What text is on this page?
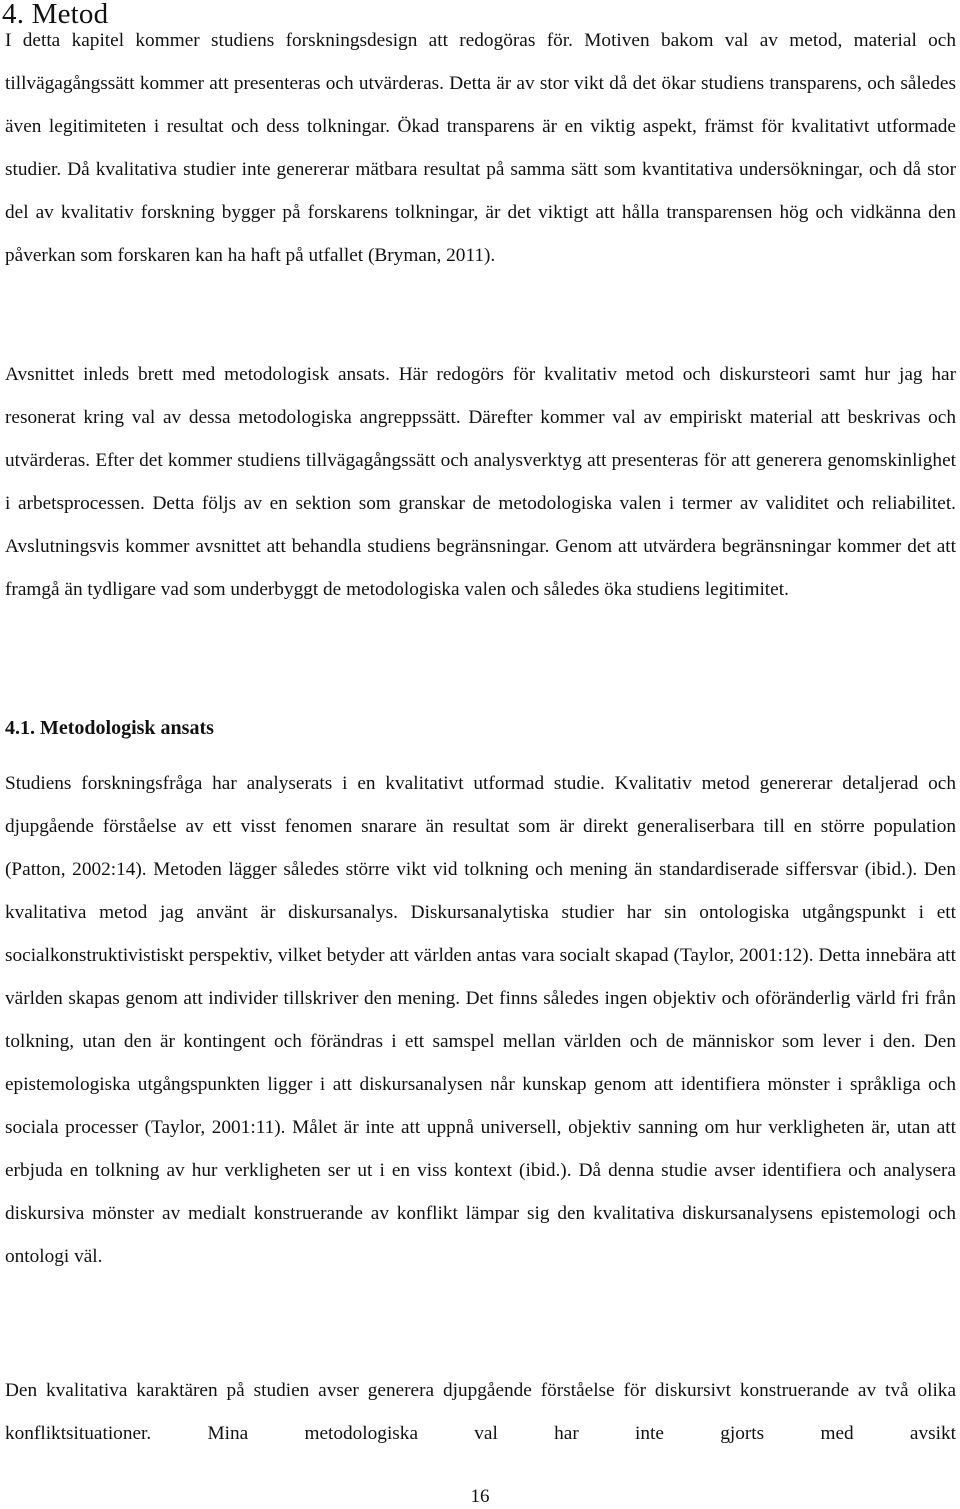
4. Metod

I detta kapitel kommer studiens forskningsdesign att redogöras för. Motiven bakom val av metod, material och tillvägagångssätt kommer att presenteras och utvärderas. Detta är av stor vikt då det ökar studiens transparens, och således även legitimiteten i resultat och dess tolkningar. Ökad transparens är en viktig aspekt, främst för kvalitativt utformade studier. Då kvalitativa studier inte genererar mätbara resultat på samma sätt som kvantitativa undersökningar, och då stor del av kvalitativ forskning bygger på forskarens tolkningar, är det viktigt att hålla transparensen hög och vidkänna den påverkan som forskaren kan ha haft på utfallet (Bryman, 2011).

Avsnittet inleds brett med metodologisk ansats. Här redogörs för kvalitativ metod och diskursteori samt hur jag har resonerat kring val av dessa metodologiska angreppssätt. Därefter kommer val av empiriskt material att beskrivas och utvärderas. Efter det kommer studiens tillvägagångssätt och analysverktyg att presenteras för att generera genomskinlighet i arbetsprocessen. Detta följs av en sektion som granskar de metodologiska valen i termer av validitet och reliabilitet. Avslutningsvis kommer avsnittet att behandla studiens begränsningar. Genom att utvärdera begränsningar kommer det att framgå än tydligare vad som underbyggt de metodologiska valen och således öka studiens legitimitet.

4.1. Metodologisk ansats

Studiens forskningsfråga har analyserats i en kvalitativt utformad studie. Kvalitativ metod genererar detaljerad och djupgående förståelse av ett visst fenomen snarare än resultat som är direkt generaliserbara till en större population (Patton, 2002:14). Metoden lägger således större vikt vid tolkning och mening än standardiserade siffersvar (ibid.). Den kvalitativa metod jag använt är diskursanalys. Diskursanalytiska studier har sin ontologiska utgångspunkt i ett socialkonstruktivistiskt perspektiv, vilket betyder att världen antas vara socialt skapad (Taylor, 2001:12). Detta innebära att världen skapas genom att individer tillskriver den mening. Det finns således ingen objektiv och oföränderlig värld fri från tolkning, utan den är kontingent och förändras i ett samspel mellan världen och de människor som lever i den. Den epistemologiska utgångspunkten ligger i att diskursanalysen når kunskap genom att identifiera mönster i språkliga och sociala processer (Taylor, 2001:11). Målet är inte att uppnå universell, objektiv sanning om hur verkligheten är, utan att erbjuda en tolkning av hur verkligheten ser ut i en viss kontext (ibid.). Då denna studie avser identifiera och analysera diskursiva mönster av medialt konstruerande av konflikt lämpar sig den kvalitativa diskursanalysens epistemologi och ontologi väl.

Den kvalitativa karaktären på studien avser generera djupgående förståelse för diskursivt konstruerande av två olika konfliktsituationer. Mina metodologiska val har inte gjorts med avsikt

16
